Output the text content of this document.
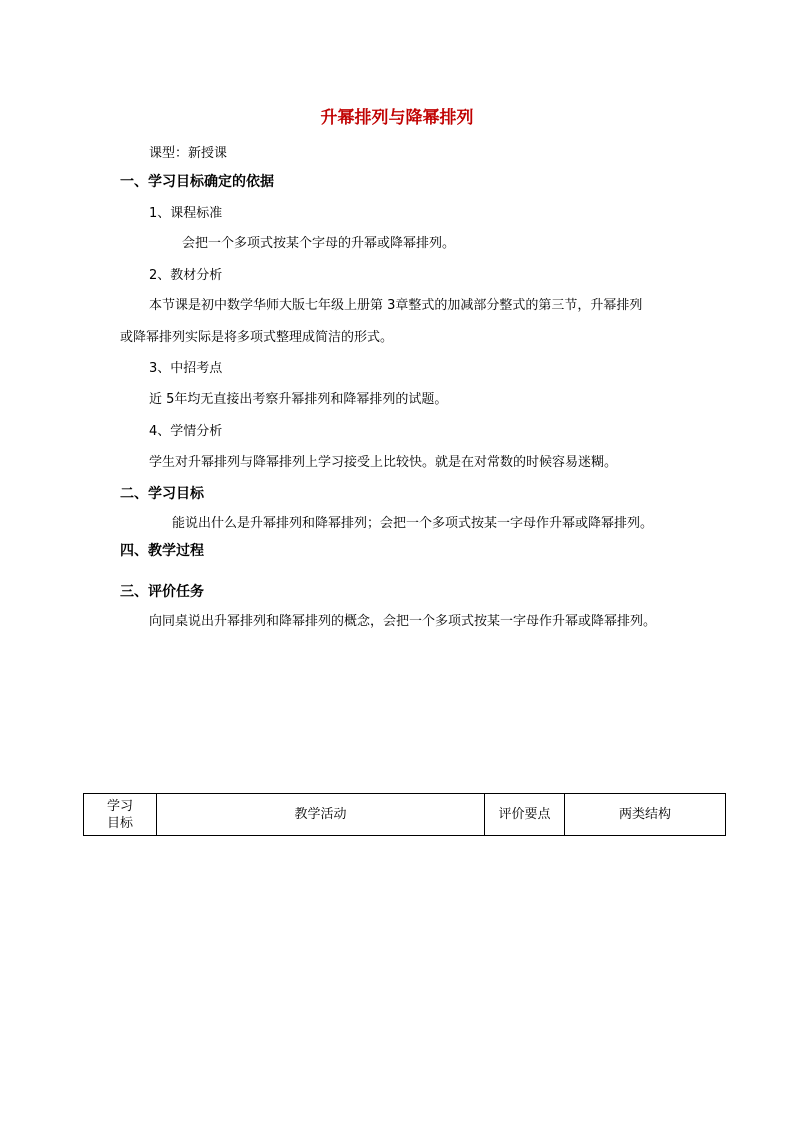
升幂排列与降幂排列
课型：新授课
一、学习目标确定的依据
1、课程标准
会把一个多项式按某个字母的升幂或降幂排列。
2、教材分析
本节课是初中数学华师大版七年级上册第 3章整式的加减部分整式的第三节，升幂排列
或降幂排列实际是将多项式整理成简洁的形式。
3、中招考点
近 5年均无直接出考察升幂排列和降幂排列的试题。
4、学情分析
学生对升幂排列与降幂排列上学习接受上比较快。就是在对常数的时候容易迷糊。
二、学习目标
能说出什么是升幂排列和降幂排列；会把一个多项式按某一字母作升幂或降幂排列。
四、教学过程
三、评价任务
向同桌说出升幂排列和降幂排列的概念，会把一个多项式按某一字母作升幂或降幂排列。
学习
目标	教学活动	评价要点	两类结构
